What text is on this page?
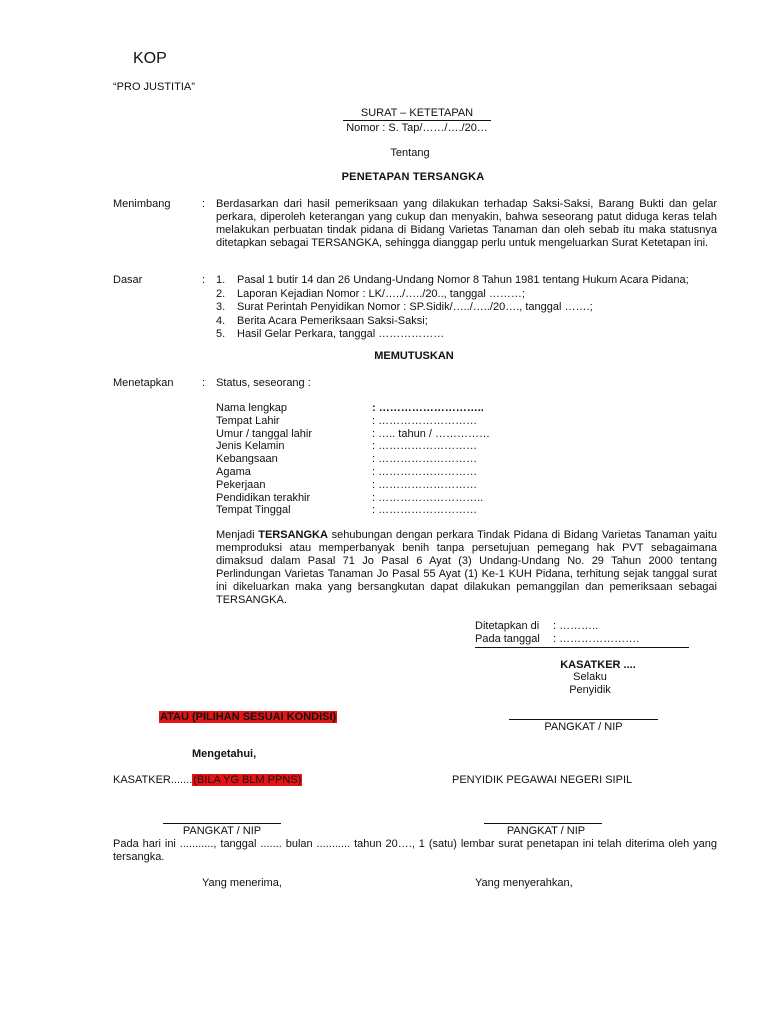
KOP
“PRO JUSTITIA”
SURAT – KETETAPAN
Nomor : S. Tap/……/…./20…
Tentang
PENETAPAN TERSANGKA
Menimbang	: Berdasarkan dari hasil pemeriksaan yang dilakukan terhadap Saksi-Saksi, Barang Bukti dan gelar perkara, diperoleh keterangan yang cukup dan menyakin, bahwa seseorang patut diduga keras telah melakukan perbuatan tindak pidana di Bidang Varietas Tanaman dan oleh sebab itu maka statusnya ditetapkan sebagai TERSANGKA, sehingga dianggap perlu untuk mengeluarkan Surat Ketetapan ini.
Dasar	: 1. Pasal 1 butir 14 dan 26 Undang-Undang Nomor 8 Tahun 1981 tentang Hukum Acara Pidana;
2. Laporan Kejadian Nomor : LK/…../…../20.., tanggal ………;
3. Surat Perintah Penyidikan Nomor : SP.Sidik/…../…../20…., tanggal …….;
4. Berita Acara Pemeriksaan Saksi-Saksi;
5. Hasil Gelar Perkara, tanggal ………………
MEMUTUSKAN
Menetapkan	: Status, seseorang :
Nama lengkap	: ………………………..
Tempat Lahir	: ………………………
Umur / tanggal lahir	: ….. tahun / ……………
Jenis Kelamin	: ………………………
Kebangsaan	: ………………………
Agama	: ………………………
Pekerjaan	: ………………………
Pendidikan terakhir	: ………………………..
Tempat Tinggal	: ………………………
Menjadi TERSANGKA sehubungan dengan perkara Tindak Pidana di Bidang Varietas Tanaman yaitu memproduksi atau memperbanyak benih tanpa persetujuan pemegang hak PVT sebagaimana dimaksud dalam Pasal 71 Jo Pasal 6 Ayat (3) Undang-Undang No. 29 Tahun 2000 tentang Perlindungan Varietas Tanaman Jo Pasal 55 Ayat (1) Ke-1 KUH Pidana, terhitung sejak tanggal surat ini dikeluarkan maka yang bersangkutan dapat dilakukan pemanggilan dan pemeriksaan sebagai TERSANGKA.
Ditetapkan di : ………..
Pada tanggal : ………………….
KASATKER ....
Selaku
Penyidik
PANGKAT / NIP
ATAU (PILIHAN SESUAI KONDISI)
Mengetahui,
KASATKER.......(BILA YG BLM PPNS)	PENYIDIK PEGAWAI NEGERI SIPIL
PANGKAT / NIP	PANGKAT / NIP
Pada hari ini ..........., tanggal ....... bulan ........... tahun 20…., 1 (satu) lembar surat penetapan ini telah diterima oleh yang tersangka.
Yang menerima,	Yang menyerahkan,
